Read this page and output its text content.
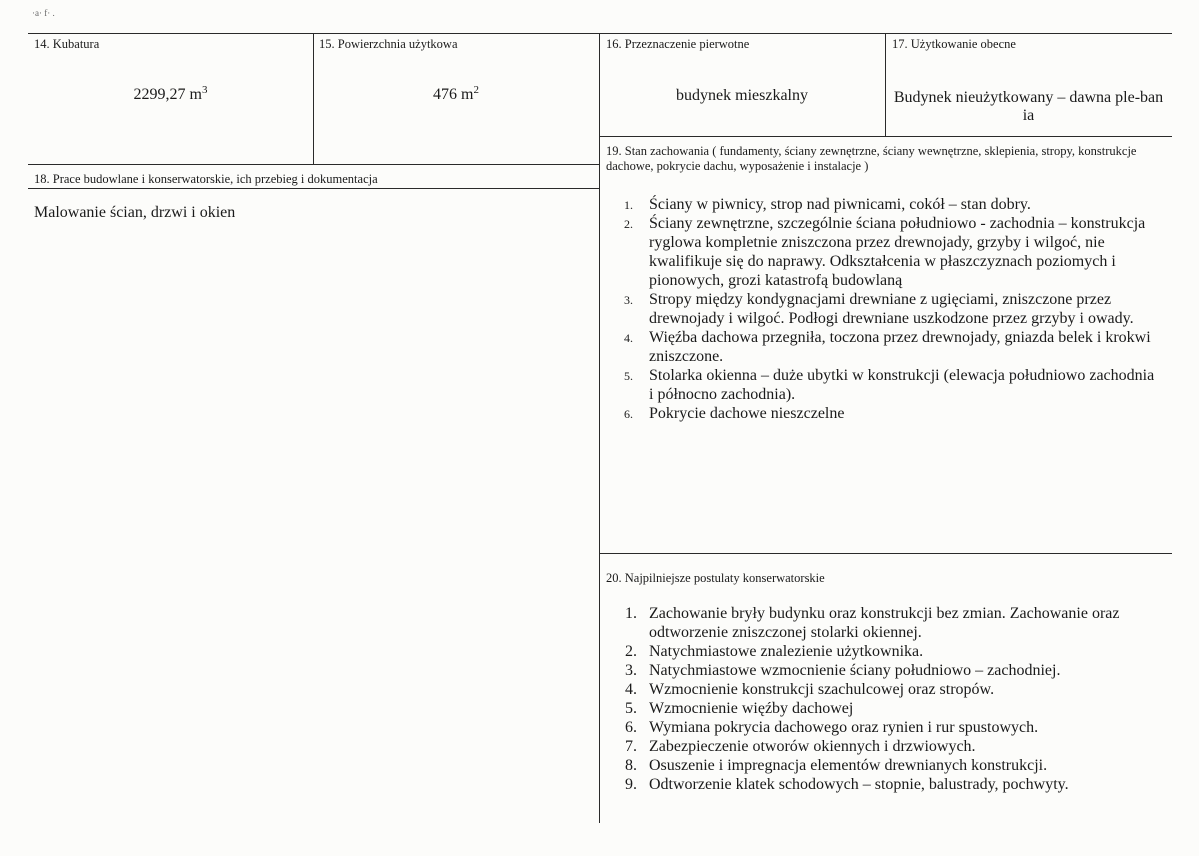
·a· f· .
14. Kubatura
2299,27 $m^3$
15. Powierzchnia użytkowa
476 $m^2$
16. Przeznaczenie pierwotne
budynek mieszkalny
17. Użytkowanie obecne
Budynek nieużytkowany – dawna ple-bania
18. Prace budowlane i konserwatorskie, ich przebieg i dokumentacja
Malowanie ścian, drzwi i okien
19. Stan zachowania ( fundamenty, ściany zewnętrzne, ściany wewnętrzne, sklepienia, stropy, konstrukcje dachowe, pokrycie dachu, wyposażenie i instalacje )
1. Ściany w piwnicy, strop nad piwnicami, cokół – stan dobry.
2. Ściany zewnętrzne, szczególnie ściana południowo - zachodnia – konstrukcja ryglowa kompletnie zniszczona przez drewnojady, grzyby i wilgoć, nie kwalifikuje się do naprawy. Odkształcenia w płaszczyznach poziomych i pionowych, grozi katastrofą budowlaną
3. Stropy między kondygnacjami drewniane z ugięciami, zniszczone przez drewnojady i wilgoć. Podłogi drewniane uszkodzone przez grzyby i owady.
4. Więźba dachowa przegniła, toczona przez drewnojady, gniazda belek i krokwi zniszczone.
5. Stolarka okienna – duże ubytki w konstrukcji (elewacja południowo zachodnia i północno zachodnia).
6. Pokrycie dachowe nieszczelne
20. Najpilniejsze postulaty konserwatorskie
1. Zachowanie bryły budynku oraz konstrukcji bez zmian. Zachowanie oraz odtworzenie zniszczonej stolarki okiennej.
2. Natychmiastowe znalezienie użytkownika.
3. Natychmiastowe wzmocnienie ściany południowo – zachodniej.
4. Wzmocnienie konstrukcji szachulcowej oraz stropów.
5. Wzmocnienie więźby dachowej
6. Wymiana pokrycia dachowego oraz rynien i rur spustowych.
7. Zabezpieczenie otworów okiennych i drzwiowych.
8. Osuszenie i impregnacja elementów drewnianych konstrukcji.
9. Odtworzenie klatek schodowych – stopnie, balustrady, pochwyty.
